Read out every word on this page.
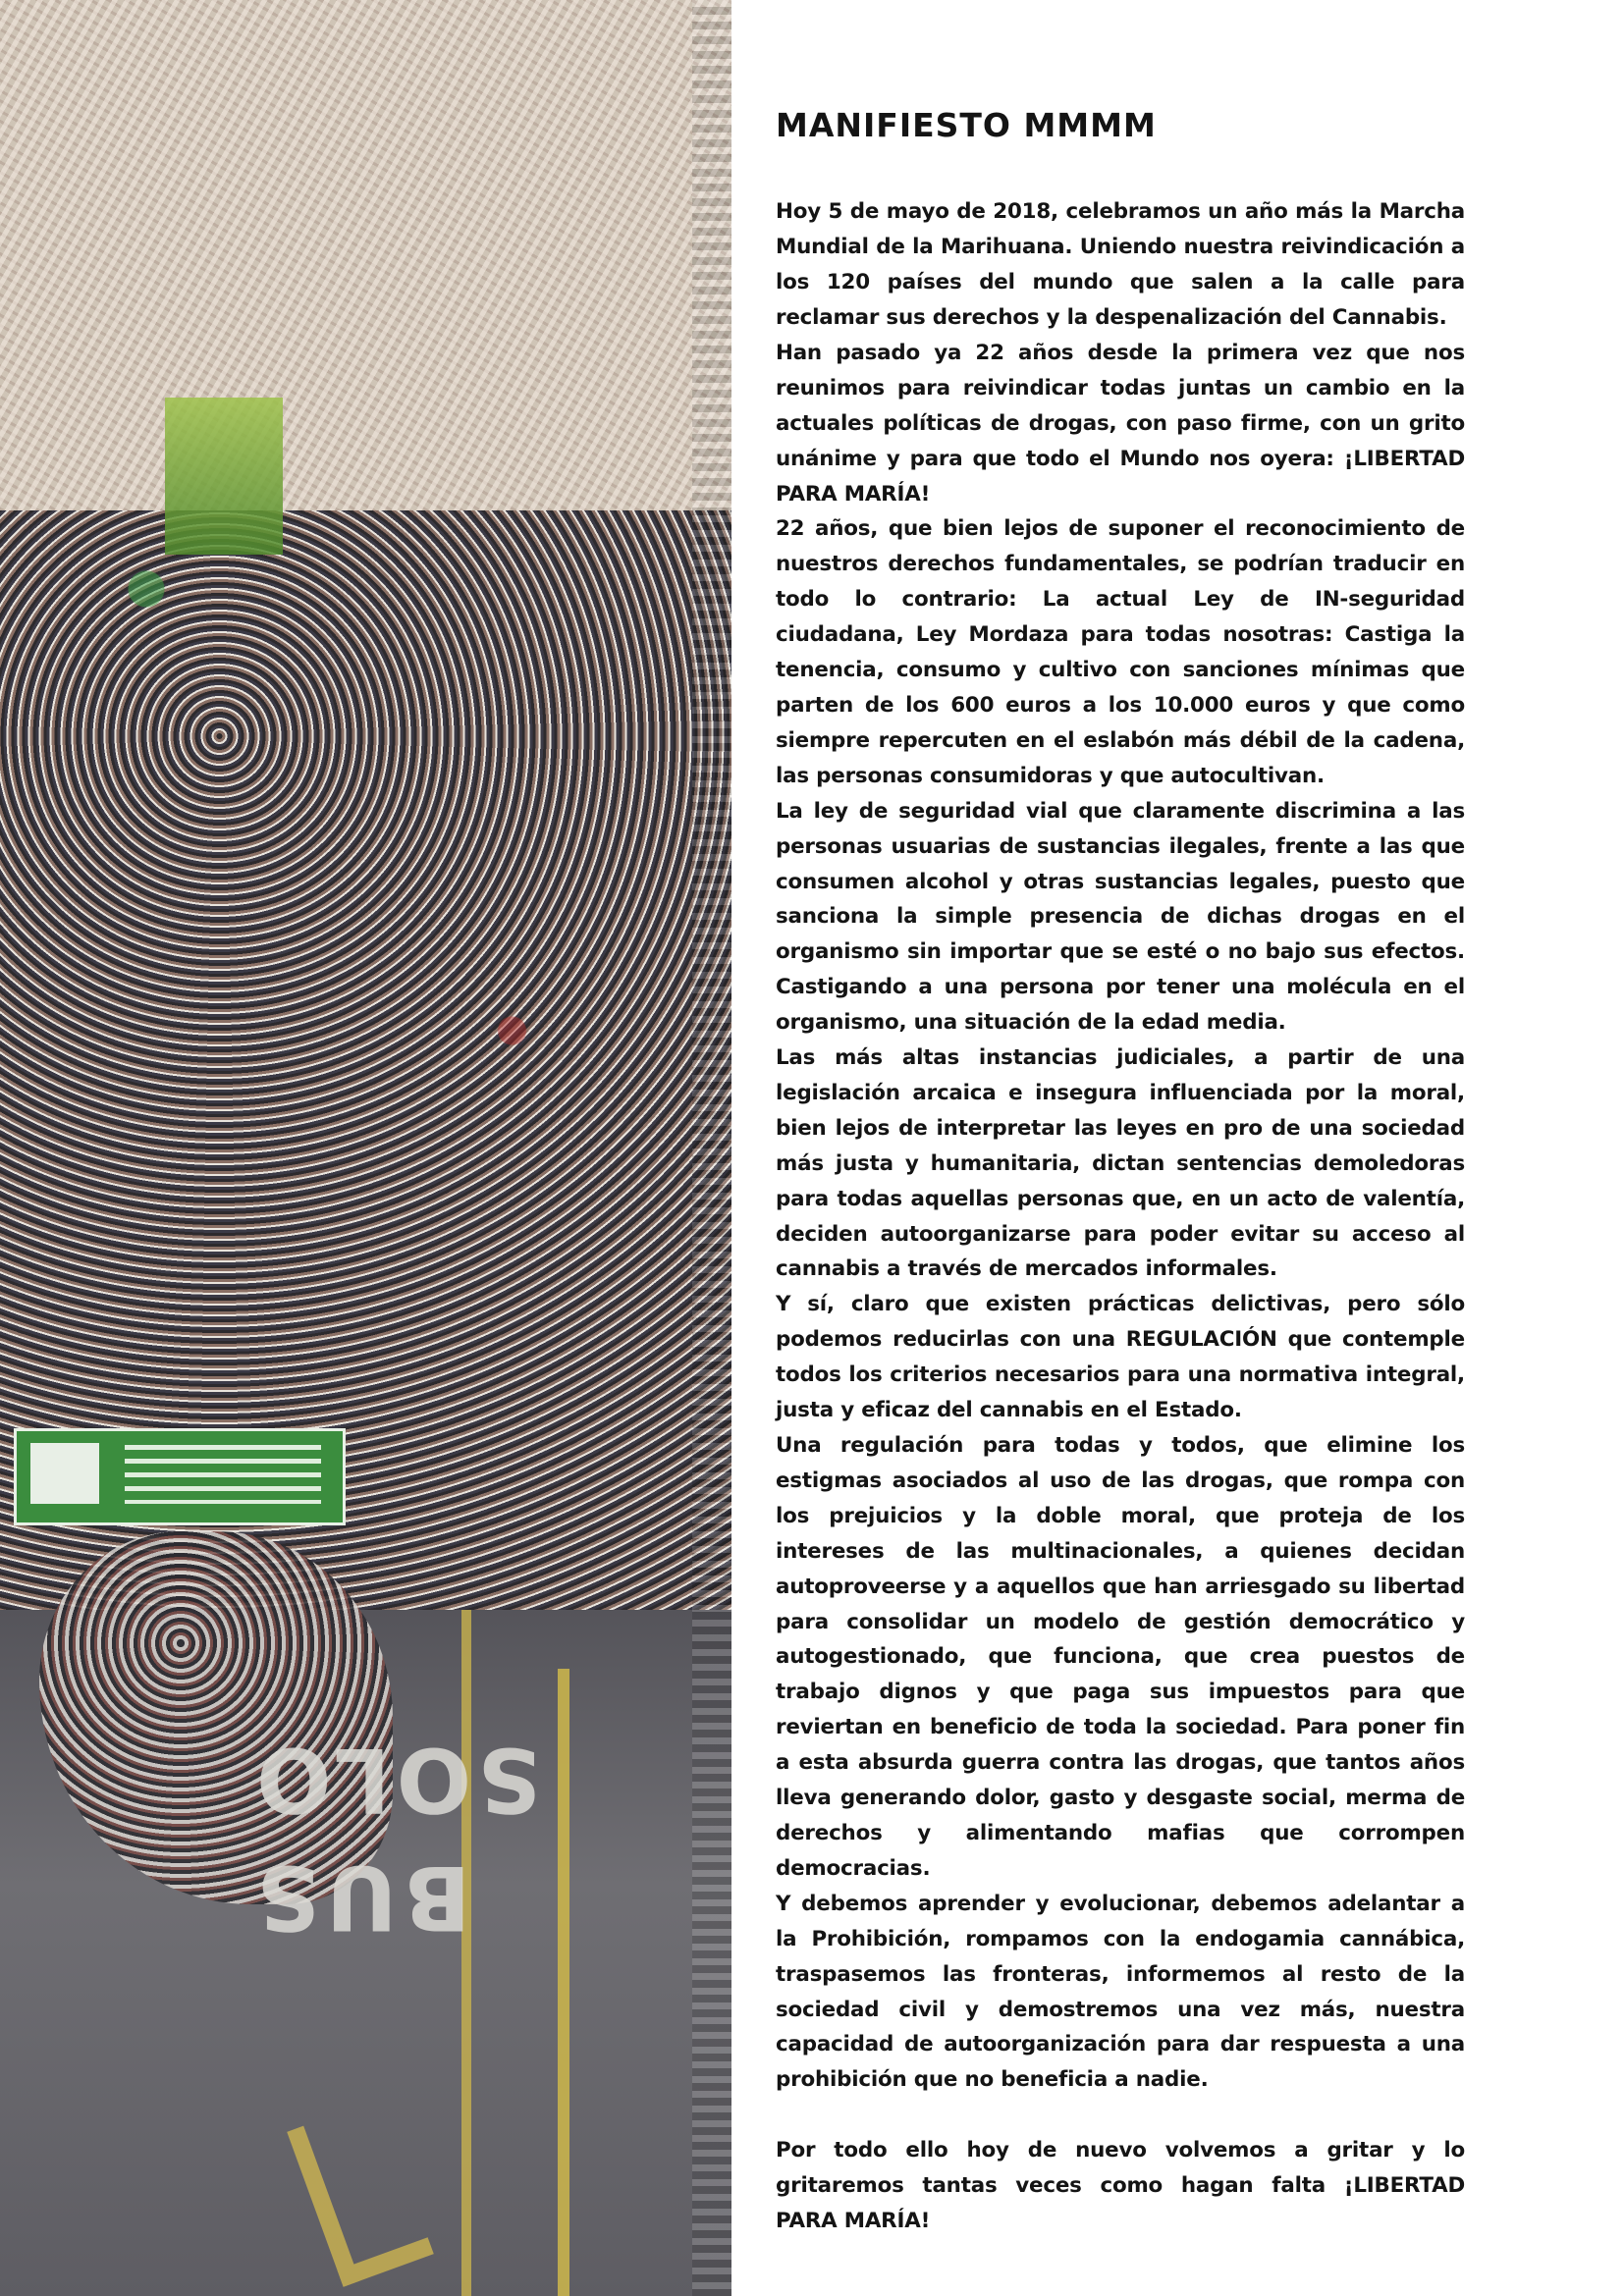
SOLO
BUS
MANIFIESTO MMMM

Hoy 5 de mayo de 2018, celebramos un año más la Marcha Mundial de la Marihuana. Uniendo nuestra reivindicación a los 120 países del mundo que salen a la calle para reclamar sus derechos y la despenalización del Cannabis.

Han pasado ya 22 años desde la primera vez que nos reunimos para reivindicar todas juntas un cambio en la actuales políticas de drogas, con paso firme, con un grito unánime y para que todo el Mundo nos oyera: ¡LIBERTAD PARA MARÍA!

22 años, que bien lejos de suponer el reconocimiento de nuestros derechos fundamentales, se podrían traducir en todo lo contrario: La actual Ley de IN-seguridad ciudadana, Ley Mordaza para todas nosotras: Castiga la tenencia, consumo y cultivo con sanciones mínimas que parten de los 600 euros a los 10.000 euros y que como siempre repercuten en el eslabón más débil de la cadena, las personas consumidoras y que autocultivan.

La ley de seguridad vial que claramente discrimina a las personas usuarias de sustancias ilegales, frente a las que consumen alcohol y otras sustancias legales, puesto que sanciona la simple presencia de dichas drogas en el organismo sin importar que se esté o no bajo sus efectos. Castigando a una persona por tener una molécula en el organismo, una situación de la edad media.

Las más altas instancias judiciales, a partir de una legislación arcaica e insegura influenciada por la moral, bien lejos de interpretar las leyes en pro de una sociedad más justa y humanitaria, dictan sentencias demoledoras para todas aquellas personas que, en un acto de valentía, deciden autoorganizarse para poder evitar su acceso al cannabis a través de mercados informales.

Y sí, claro que existen prácticas delictivas, pero sólo podemos reducirlas con una REGULACIÓN que contemple todos los criterios necesarios para una normativa integral, justa y eficaz del cannabis en el Estado.

Una regulación para todas y todos, que elimine los estigmas asociados al uso de las drogas, que rompa con los prejuicios y la doble moral, que proteja de los intereses de las multinacionales, a quienes decidan autoproveerse y a aquellos que han arriesgado su libertad para consolidar un modelo de gestión democrático y autogestionado, que funciona, que crea puestos de trabajo dignos y que paga sus impuestos para que reviertan en beneficio de toda la sociedad. Para poner fin a esta absurda guerra contra las drogas, que tantos años lleva generando dolor, gasto y desgaste social, merma de derechos y alimentando mafias que corrompen democracias.

Y debemos aprender y evolucionar, debemos adelantar a la Prohibición, rompamos con la endogamia cannábica, traspasemos las fronteras, informemos al resto de la sociedad civil y demostremos una vez más, nuestra capacidad de autoorganización para dar respuesta a una prohibición que no beneficia a nadie.

Por todo ello hoy de nuevo volvemos a gritar y lo gritaremos tantas veces como hagan falta ¡LIBERTAD PARA MARÍA!
